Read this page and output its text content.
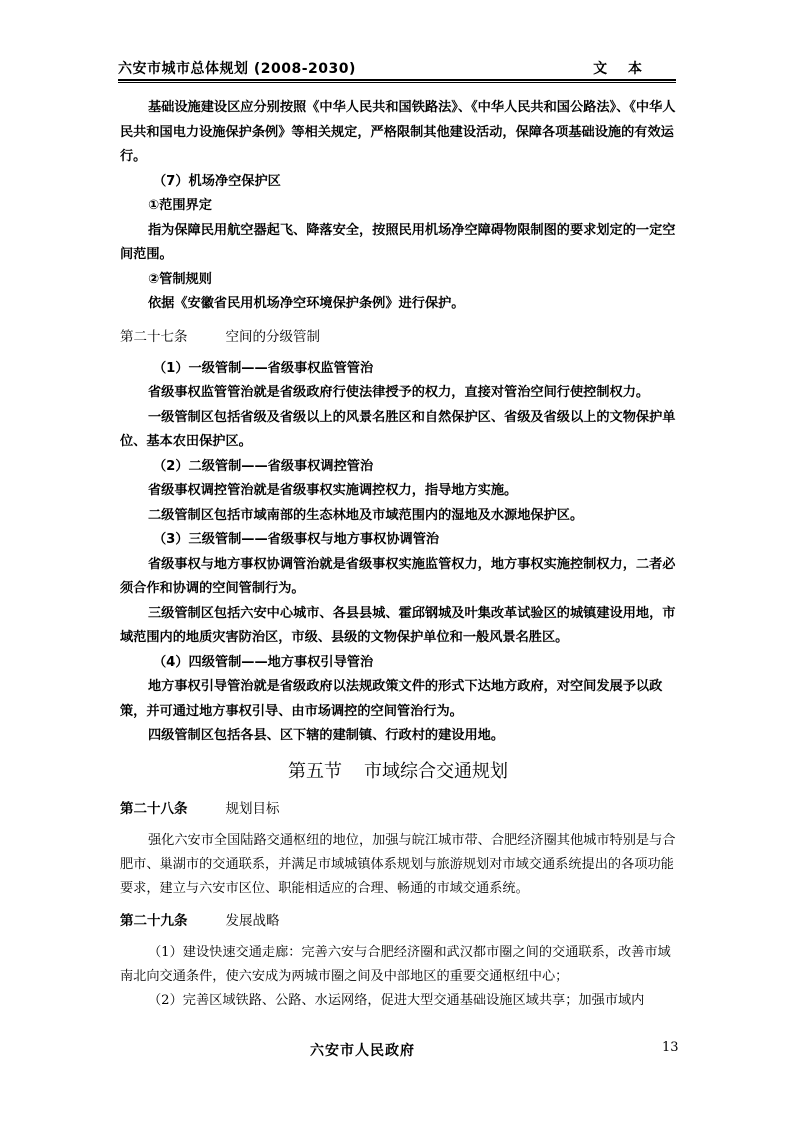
六安市城市总体规划 (2008-2030)	文 本

基础设施建设区应分别按照《中华人民共和国铁路法》、《中华人民共和国公路法》、《中华人民共和国电力设施保护条例》等相关规定，严格限制其他建设活动，保障各项基础设施的有效运行。

（7）机场净空保护区

①范围界定

指为保障民用航空器起飞、降落安全，按照民用机场净空障碍物限制图的要求划定的一定空间范围。

②管制规则

依据《安徽省民用机场净空环境保护条例》进行保护。

第二十七条	空间的分级管制

（1）一级管制——省级事权监管管治

省级事权监管管治就是省级政府行使法律授予的权力，直接对管治空间行使控制权力。

一级管制区包括省级及省级以上的风景名胜区和自然保护区、省级及省级以上的文物保护单位、基本农田保护区。

（2）二级管制——省级事权调控管治

省级事权调控管治就是省级事权实施调控权力，指导地方实施。

二级管制区包括市域南部的生态林地及市域范围内的湿地及水源地保护区。

（3）三级管制——省级事权与地方事权协调管治

省级事权与地方事权协调管治就是省级事权实施监管权力，地方事权实施控制权力，二者必须合作和协调的空间管制行为。

三级管制区包括六安中心城市、各县县城、霍邱钢城及叶集改革试验区的城镇建设用地，市域范围内的地质灾害防治区，市级、县级的文物保护单位和一般风景名胜区。

（4）四级管制——地方事权引导管治

地方事权引导管治就是省级政府以法规政策文件的形式下达地方政府，对空间发展予以政策，并可通过地方事权引导、由市场调控的空间管治行为。

四级管制区包括各县、区下辖的建制镇、行政村的建设用地。

第五节 市域综合交通规划

第二十八条	规划目标

强化六安市全国陆路交通枢纽的地位，加强与皖江城市带、合肥经济圈其他城市特别是与合肥市、巢湖市的交通联系，并满足市域城镇体系规划与旅游规划对市域交通系统提出的各项功能要求，建立与六安市区位、职能相适应的合理、畅通的市域交通系统。

第二十九条	发展战略

（1）建设快速交通走廊：完善六安与合肥经济圈和武汉都市圈之间的交通联系，改善市域南北向交通条件，使六安成为两城市圈之间及中部地区的重要交通枢纽中心；

（2）完善区域铁路、公路、水运网络，促进大型交通基础设施区域共享；加强市域内

六安市人民政府	13
